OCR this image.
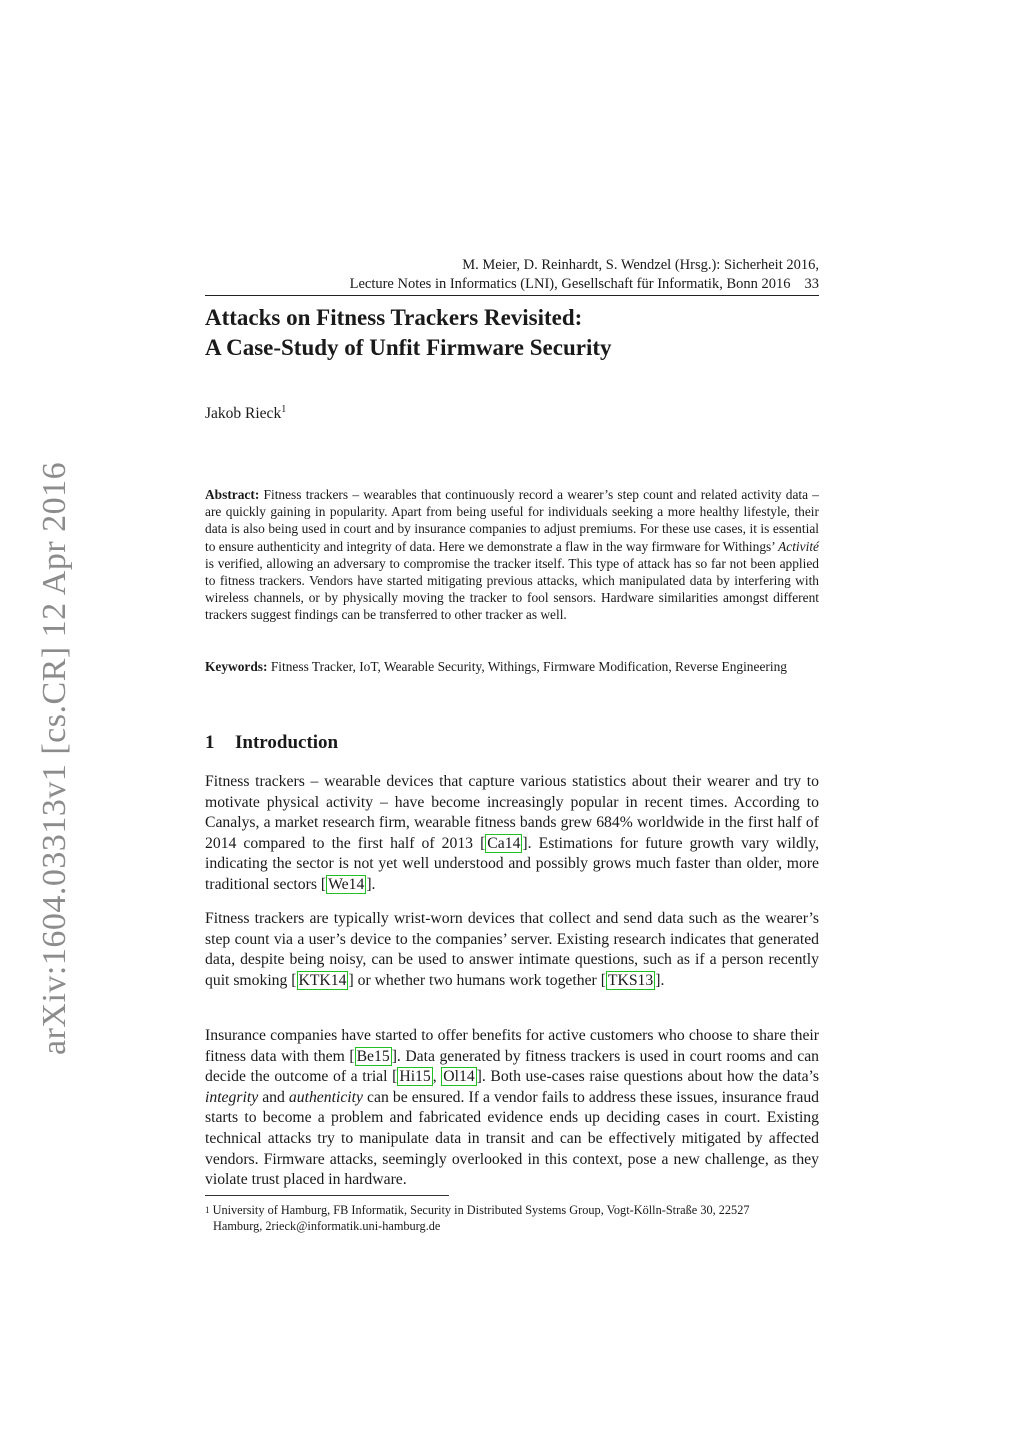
arXiv:1604.03313v1 [cs.CR] 12 Apr 2016
M. Meier, D. Reinhardt, S. Wendzel (Hrsg.): Sicherheit 2016,
Lecture Notes in Informatics (LNI), Gesellschaft für Informatik, Bonn 2016 33
Attacks on Fitness Trackers Revisited:
A Case-Study of Unfit Firmware Security
Jakob Rieck$^1$
Abstract: Fitness trackers – wearables that continuously record a wearer’s step count and related activity data – are quickly gaining in popularity. Apart from being useful for individuals seeking a more healthy lifestyle, their data is also being used in court and by insurance companies to adjust premiums. For these use cases, it is essential to ensure authenticity and integrity of data. Here we demonstrate a flaw in the way firmware for Withings’ Activité is verified, allowing an adversary to compromise the tracker itself. This type of attack has so far not been applied to fitness trackers. Vendors have started mitigating previous attacks, which manipulated data by interfering with wireless channels, or by physically moving the tracker to fool sensors. Hardware similarities amongst different trackers suggest findings can be transferred to other tracker as well.
Keywords: Fitness Tracker, IoT, Wearable Security, Withings, Firmware Modification, Reverse Engineering
1 Introduction
Fitness trackers – wearable devices that capture various statistics about their wearer and try to motivate physical activity – have become increasingly popular in recent times. According to Canalys, a market research firm, wearable fitness bands grew 684% worldwide in the first half of 2014 compared to the first half of 2013 [ Ca14 ]. Estimations for future growth vary wildly, indicating the sector is not yet well understood and possibly grows much faster than older, more traditional sectors [ We14 ].
Fitness trackers are typically wrist-worn devices that collect and send data such as the wearer’s step count via a user’s device to the companies’ server. Existing research indicates that generated data, despite being noisy, can be used to answer intimate questions, such as if a person recently quit smoking [ KTK14 ] or whether two humans work together [ TKS13 ].
Insurance companies have started to offer benefits for active customers who choose to share their fitness data with them [ Be15 ]. Data generated by fitness trackers is used in court rooms and can decide the outcome of a trial [ Hi15 , Ol14 ]. Both use-cases raise questions about how the data’s integrity and authenticity can be ensured. If a vendor fails to address these issues, insurance fraud starts to become a problem and fabricated evidence ends up deciding cases in court. Existing technical attacks try to manipulate data in transit and can be effectively mitigated by affected vendors. Firmware attacks, seemingly overlooked in this context, pose a new challenge, as they violate trust placed in hardware.
$^1$ University of Hamburg, FB Informatik, Security in Distributed Systems Group, Vogt-Kölln-Straße 30, 22527
Hamburg, 2rieck@informatik.uni-hamburg.de
